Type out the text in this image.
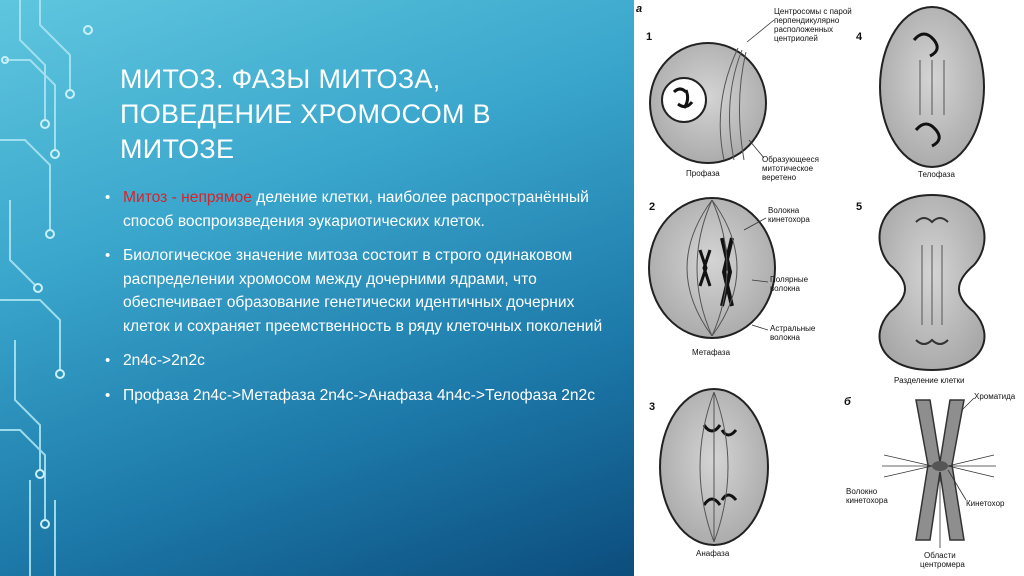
МИТОЗ. ФАЗЫ МИТОЗА,
ПОВЕДЕНИЕ ХРОМОСОМ В
МИТОЗЕ
• Митоз - непрямое деление клетки, наиболее распространённый способ воспроизведения эукариотических клеток.
• Биологическое значение митоза состоит в строго одинаковом распределении хромосом между дочерними ядрами, что обеспечивает образование генетически идентичных дочерних клеток и сохраняет преемственность в ряду клеточных поколений
• 2n4c->2n2c
• Профаза 2n4c->Метафаза 2n4c->Анафаза 4n4c->Телофаза 2n2c
а
б
1
Профаза
Центросомы с парой
перпендикулярно
расположенных
центриолей
Образующееся
митотическое
веретено
4
Телофаза
2
Метафаза
Волокна
кинетохора
Полярные
волокна
Астральные
волокна
5
Разделение клетки
3
Анафаза
Хроматида
Волокно
кинетохора	Кинетохор
Области
центромера
